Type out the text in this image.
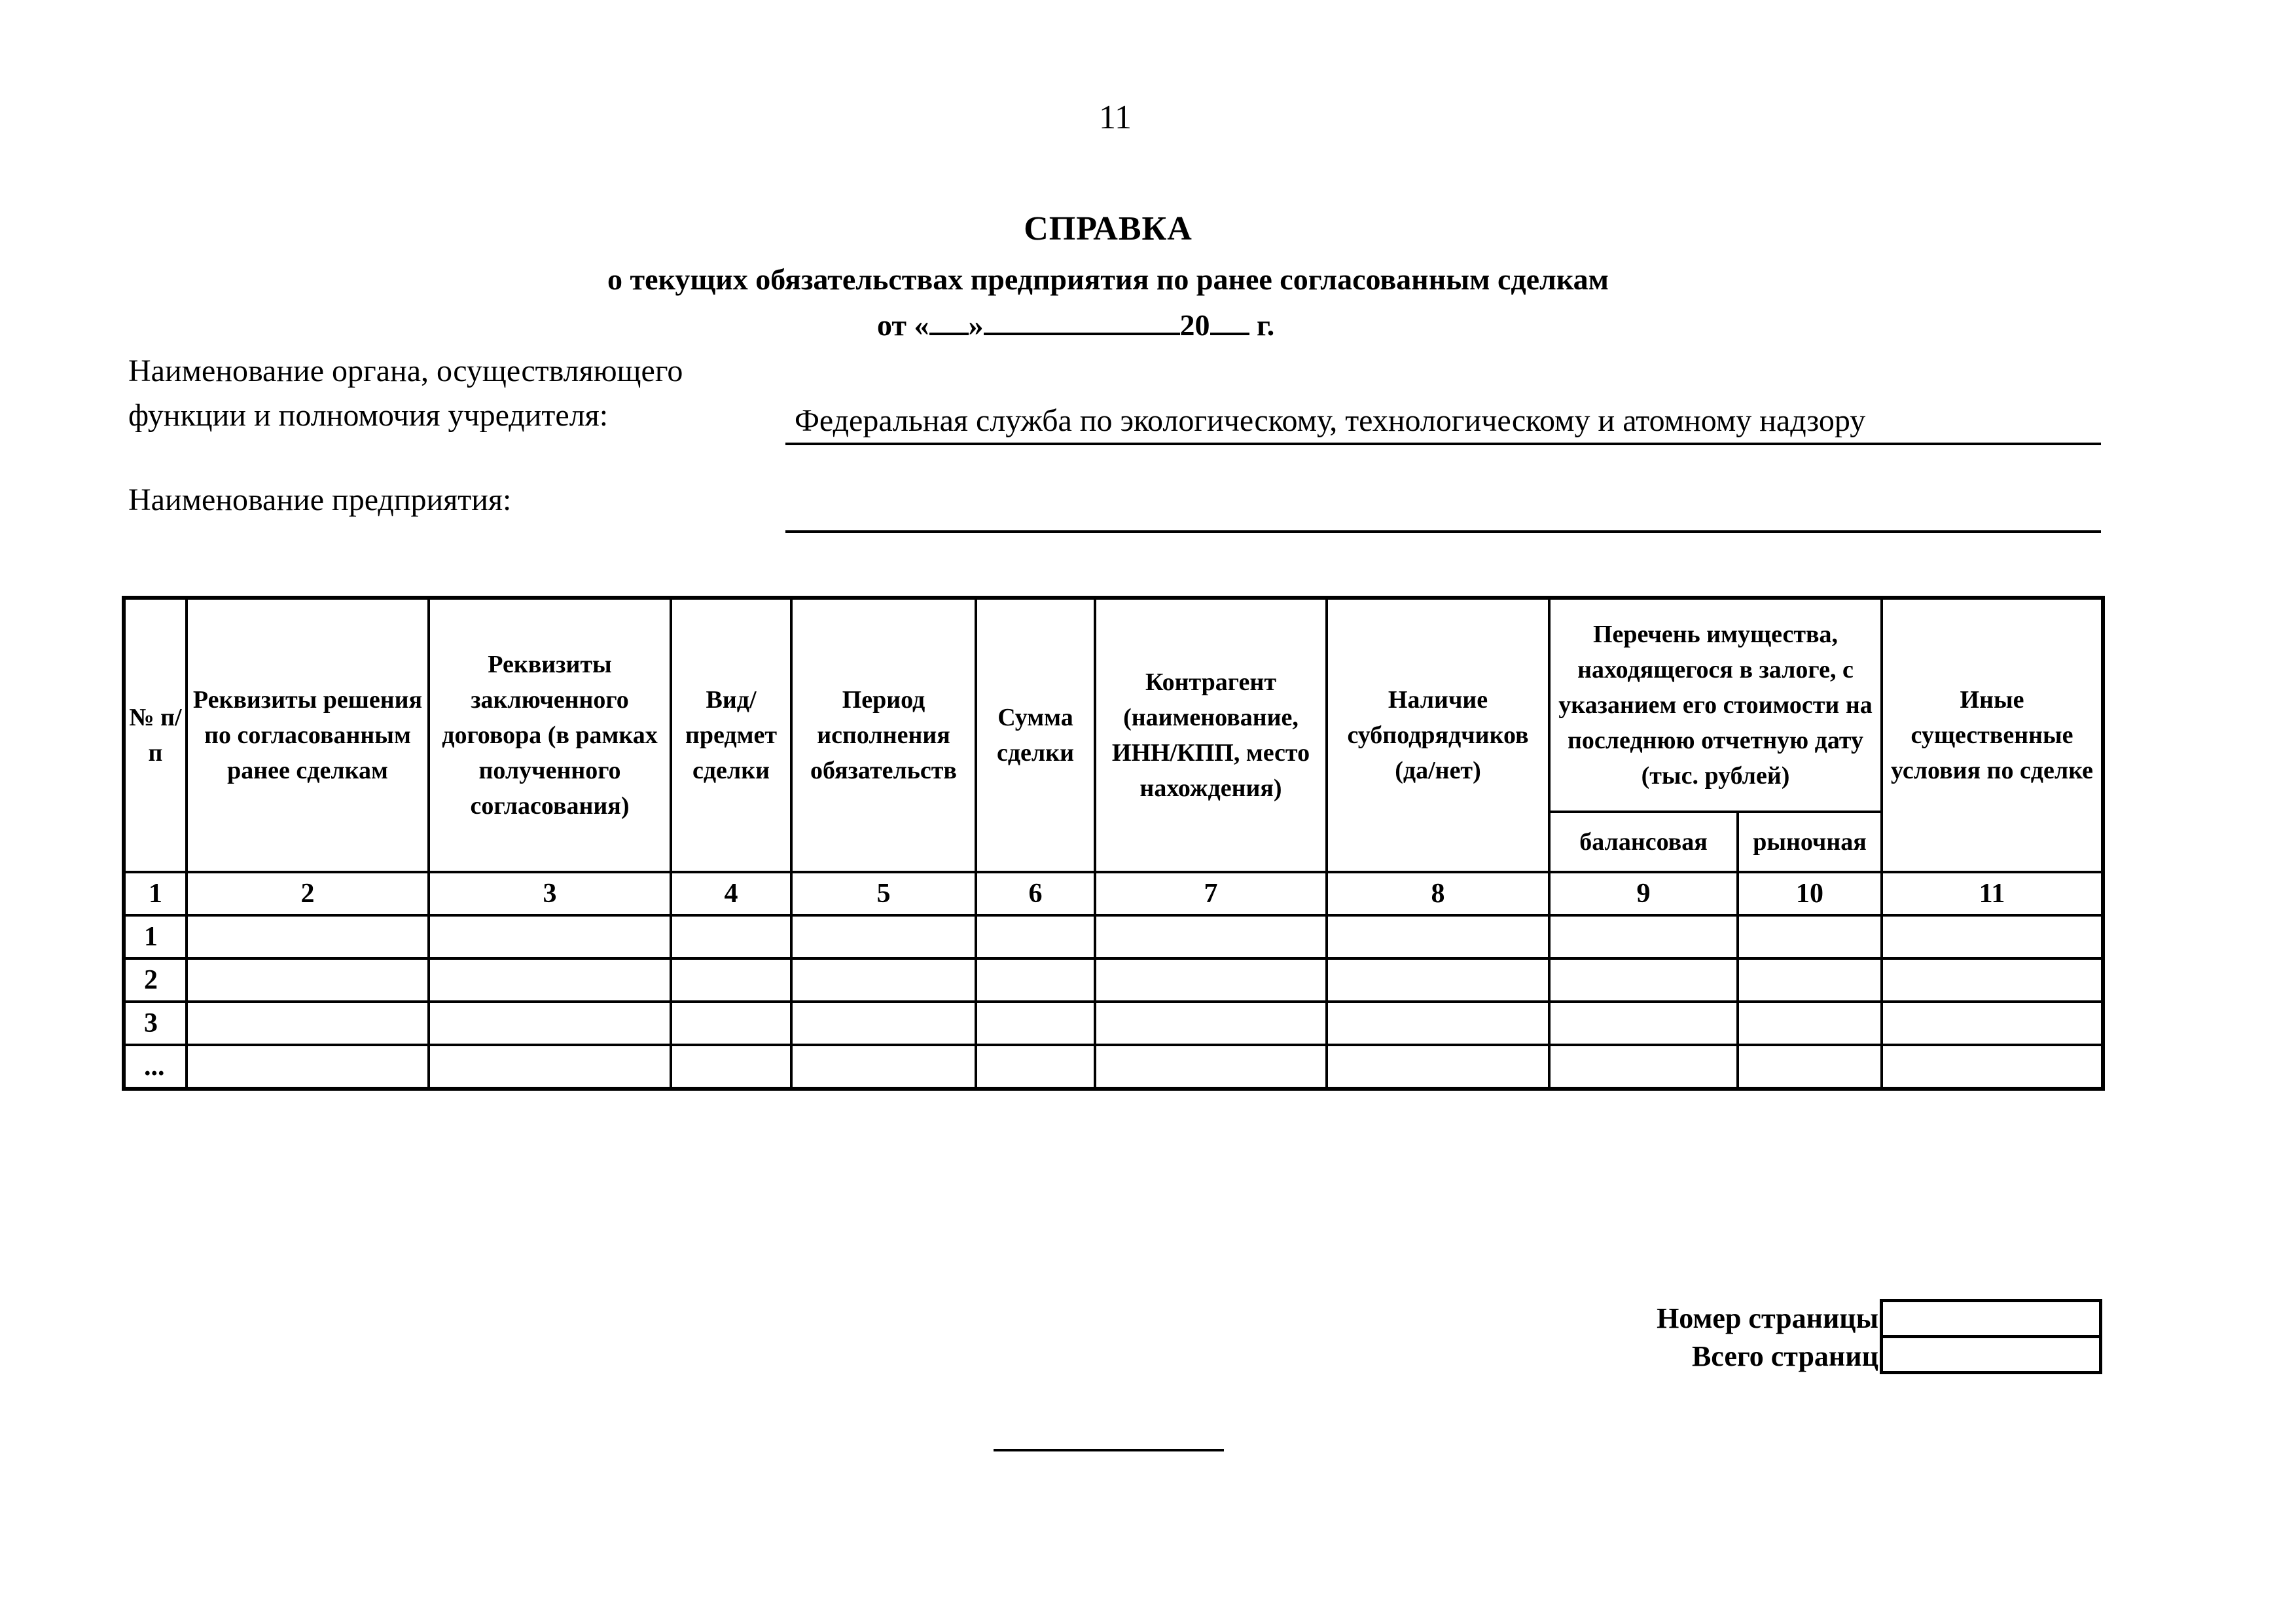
11
СПРАВКА
о текущих обязательствах предприятия по ранее согласованным сделкам
от « »	20 г.
Наименование органа, осуществляющего
функции и полномочия учредителя:	Федеральная служба по экологическому, технологическому и атомному надзору
Наименование предприятия:
№ п/п	Реквизиты решения по согласованным ранее сделкам	Реквизиты заключенного договора (в рамках полученного согласования)	Вид/ предмет сделки	Период исполнения обязательств	Сумма сделки	Контрагент (наименование, ИНН/КПП, место нахождения)	Наличие субподрядчиков (да/нет)	Перечень имущества, находящегося в залоге, с указанием его стоимости на последнюю отчетную дату (тыс. рублей)		Иные существенные условия по сделке
								балансовая	рыночная	
1	2	3	4	5	6	7	8	9	10	11
1										
2										
3										
...										
Номер страницы
Всего страниц
